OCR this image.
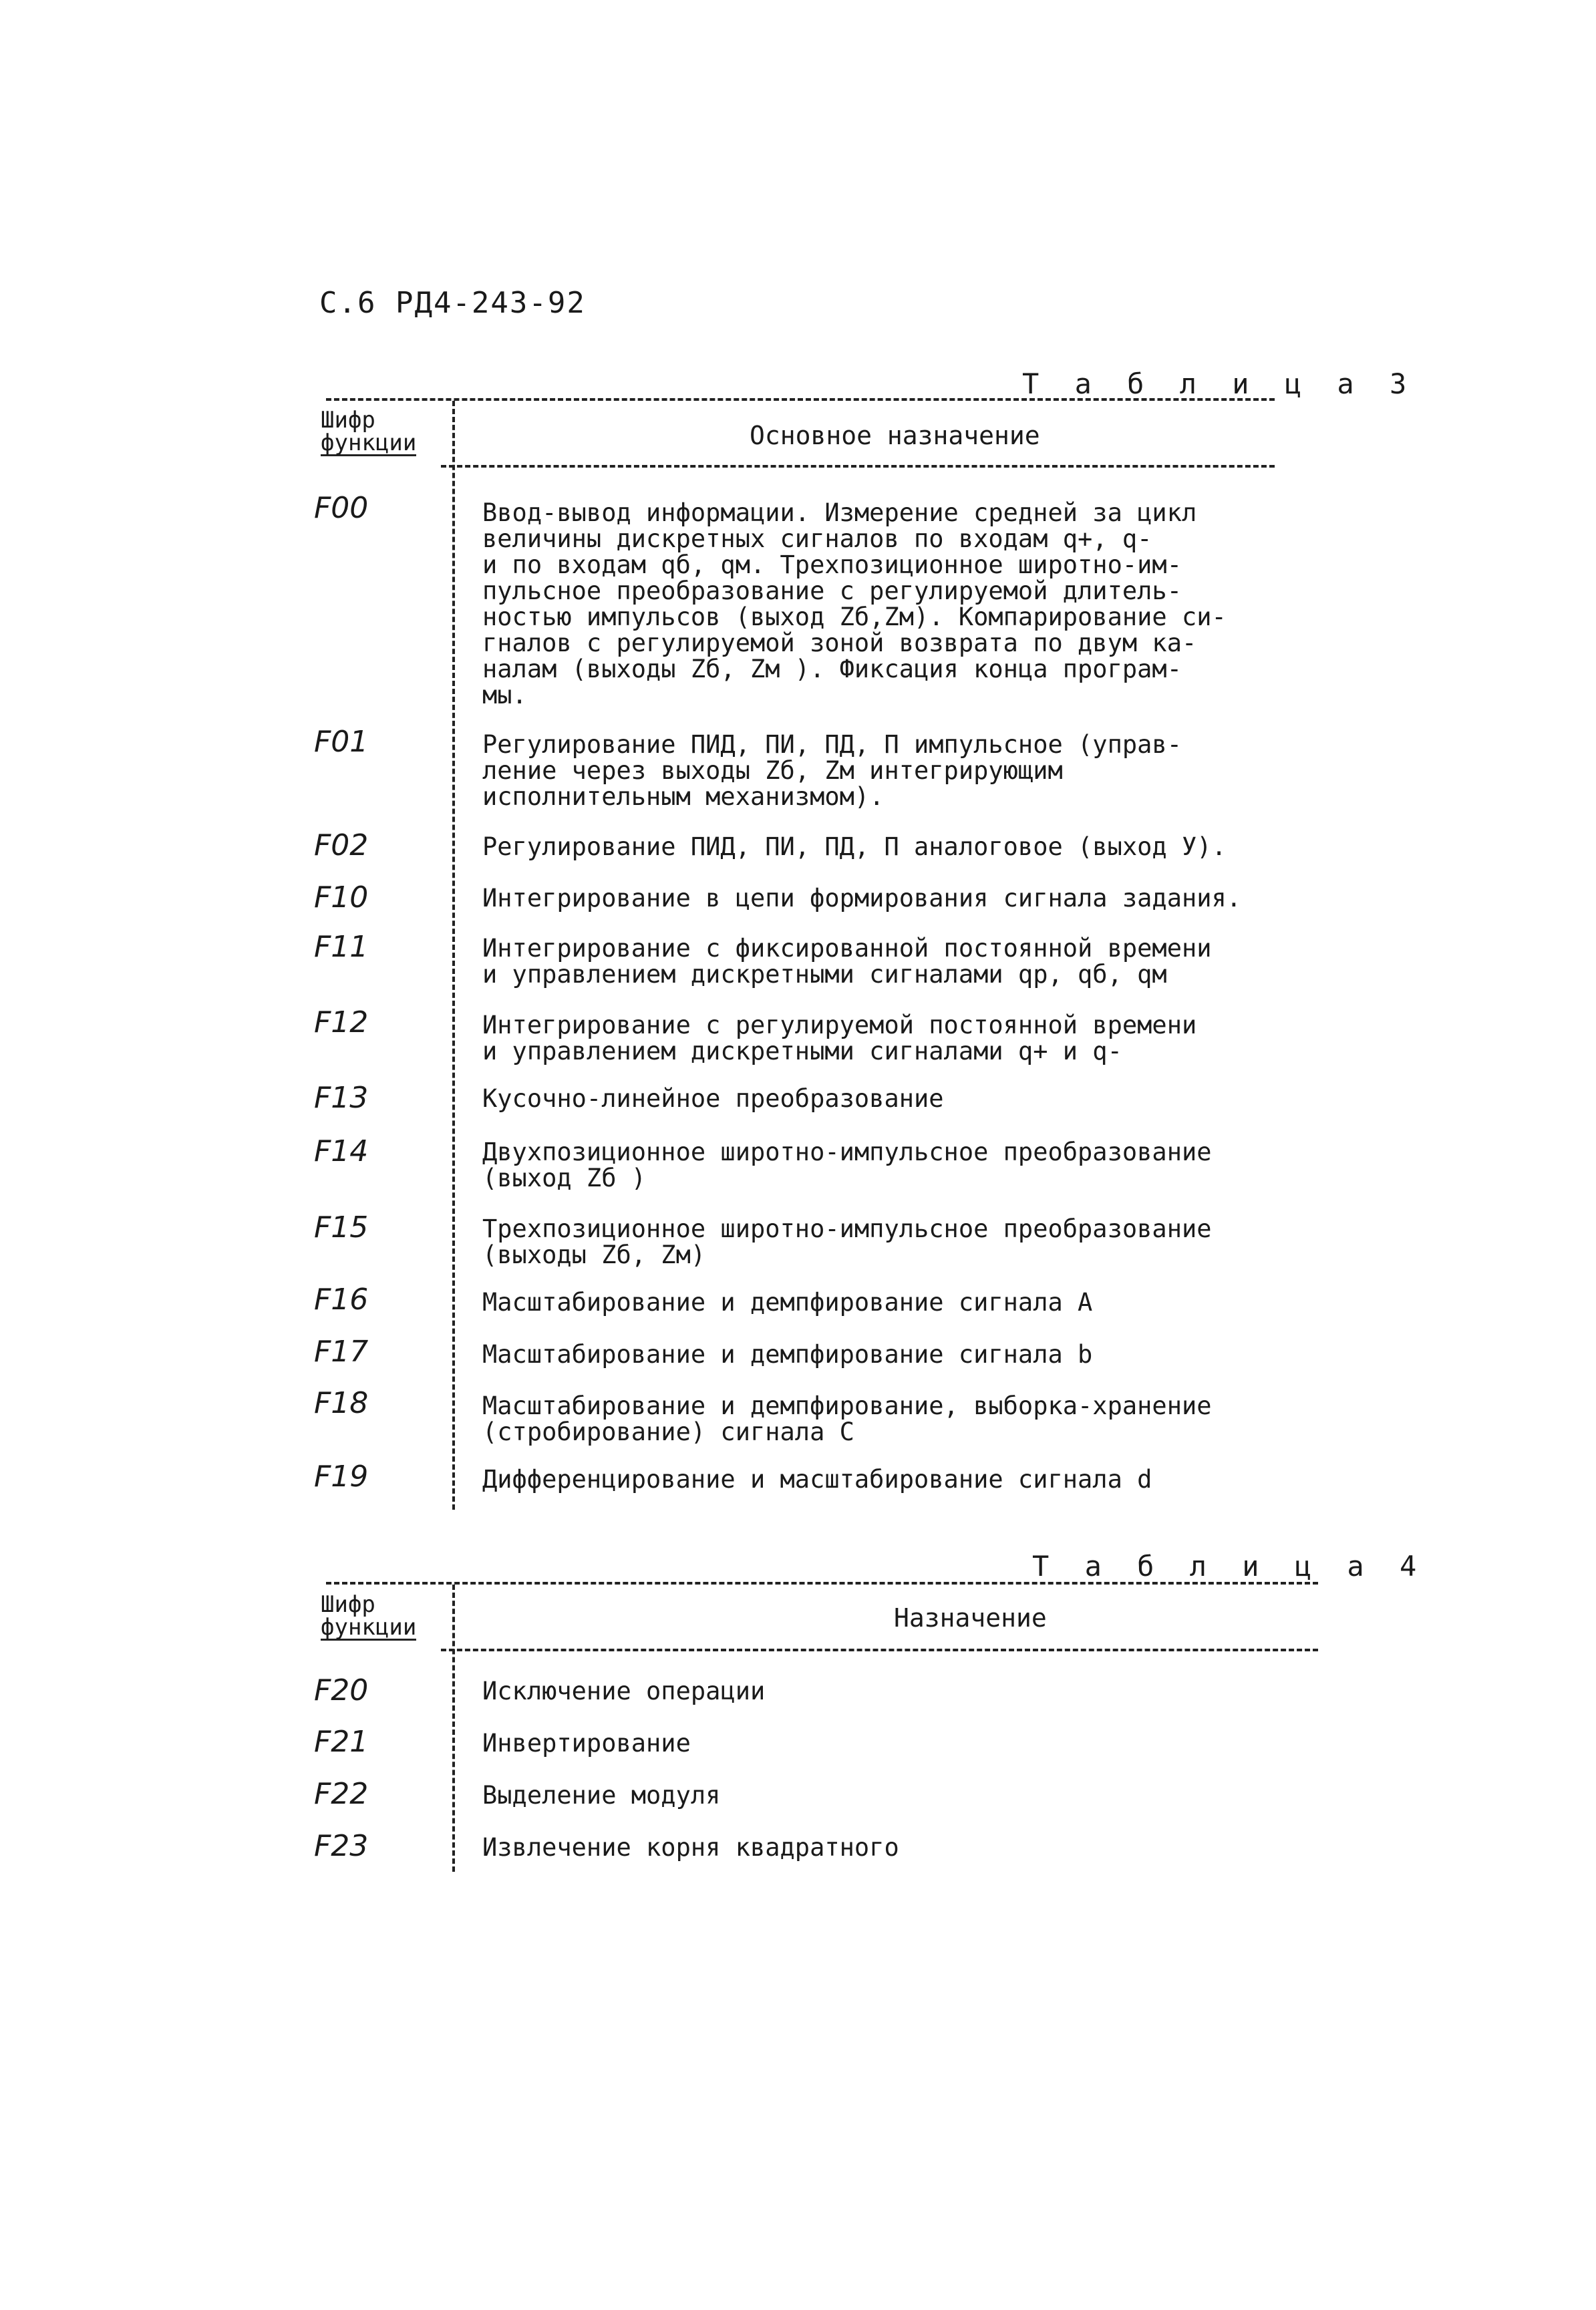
С.6 РД4-243-92
Т а б л и ц а 3
Шифр
функции	Основное назначение
F00	Ввод-вывод информации. Измерение средней за цикл
величины дискретных сигналов по входам q+, q-
и по входам qб, qм. Трехпозиционное широтно-им-
пульсное преобразование с регулируемой длитель-
ностью импульсов (выход Zб,Zм). Компарирование си-
гналов с регулируемой зоной возврата по двум ка-
налам (выходы Zб, Zм ). Фиксация конца програм-
мы.
F01	Регулирование ПИД, ПИ, ПД, П импульсное (управ-
ление через выходы Zб, Zм интегрирующим
исполнительным механизмом).
F02	Регулирование ПИД, ПИ, ПД, П аналоговое (выход У).
F10	Интегрирование в цепи формирования сигнала задания.
F11	Интегрирование с фиксированной постоянной времени
и управлением дискретными сигналами qр, qб, qм
F12	Интегрирование с регулируемой постоянной времени
и управлением дискретными сигналами q+ и q-
F13	Кусочно-линейное преобразование
F14	Двухпозиционное широтно-импульсное преобразование
(выход Zб )
F15	Трехпозиционное широтно-импульсное преобразование
(выходы Zб, Zм)
F16	Масштабирование и демпфирование сигнала А
F17	Масштабирование и демпфирование сигнала b
F18	Масштабирование и демпфирование, выборка-хранение
(стробирование) сигнала С
F19	Дифференцирование и масштабирование сигнала d
Т а б л и ц а 4
Шифр
функции	Назначение
F20	Исключение операции
F21	Инвертирование
F22	Выделение модуля
F23	Извлечение корня квадратного
